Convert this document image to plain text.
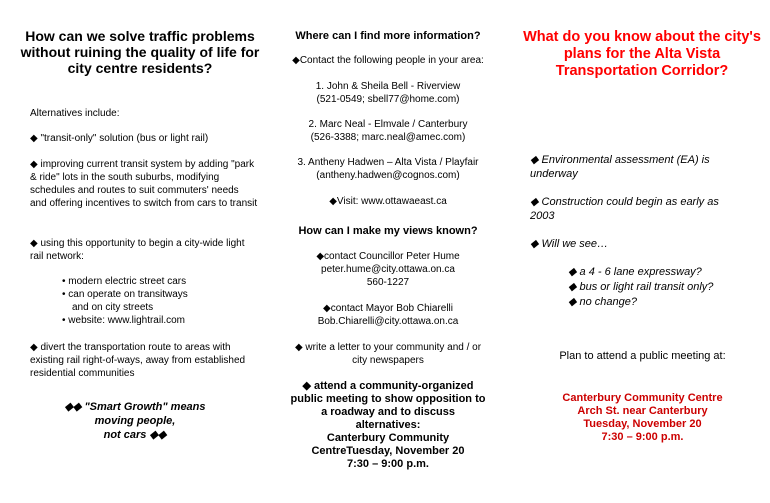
How can we solve traffic problems without ruining the quality of life for city centre residents?
Alternatives include:
◆ "transit-only" solution (bus or light rail)
◆ improving current transit system by adding "park & ride" lots in the south suburbs, modifying schedules and routes to suit commuters' needs and offering incentives to switch from cars to transit
◆ using this opportunity to begin a city-wide light rail network:
• modern electric street cars
• can operate on transitways
and on city streets
• website: www.lightrail.com
◆ divert the transportation route to areas with existing rail right-of-ways, away from established residential communities
◆◆ "Smart Growth" means
moving people,
not cars ◆◆
Where can I find more information?
◆Contact the following people in your area:
1. John & Sheila Bell - Riverview
(521-0549; sbell77@home.com)
2. Marc Neal - Elmvale / Canterbury
(526-3388; marc.neal@amec.com)
3. Antheny Hadwen – Alta Vista / Playfair
(antheny.hadwen@cognos.com)
◆Visit: www.ottawaeast.ca
How can I make my views known?
◆contact Councillor Peter Hume
peter.hume@city.ottawa.on.ca
560-1227
◆contact Mayor Bob Chiarelli
Bob.Chiarelli@city.ottawa.on.ca
◆ write a letter to your community and / or
city newspapers
◆ attend a community-organized
public meeting to show opposition to
a roadway and to discuss
alternatives:
Canterbury Community
CentreTuesday, November 20
7:30 – 9:00 p.m.
What do you know about the city's plans for the Alta Vista Transportation Corridor?
◆ Environmental assessment (EA) is underway
◆ Construction could begin as early as 2003
◆ Will we see…
◆ a 4 - 6 lane expressway?
◆ bus or light rail transit only?
◆ no change?
Plan to attend a public meeting at:
Canterbury Community Centre
Arch St. near Canterbury
Tuesday, November 20
7:30 – 9:00 p.m.
